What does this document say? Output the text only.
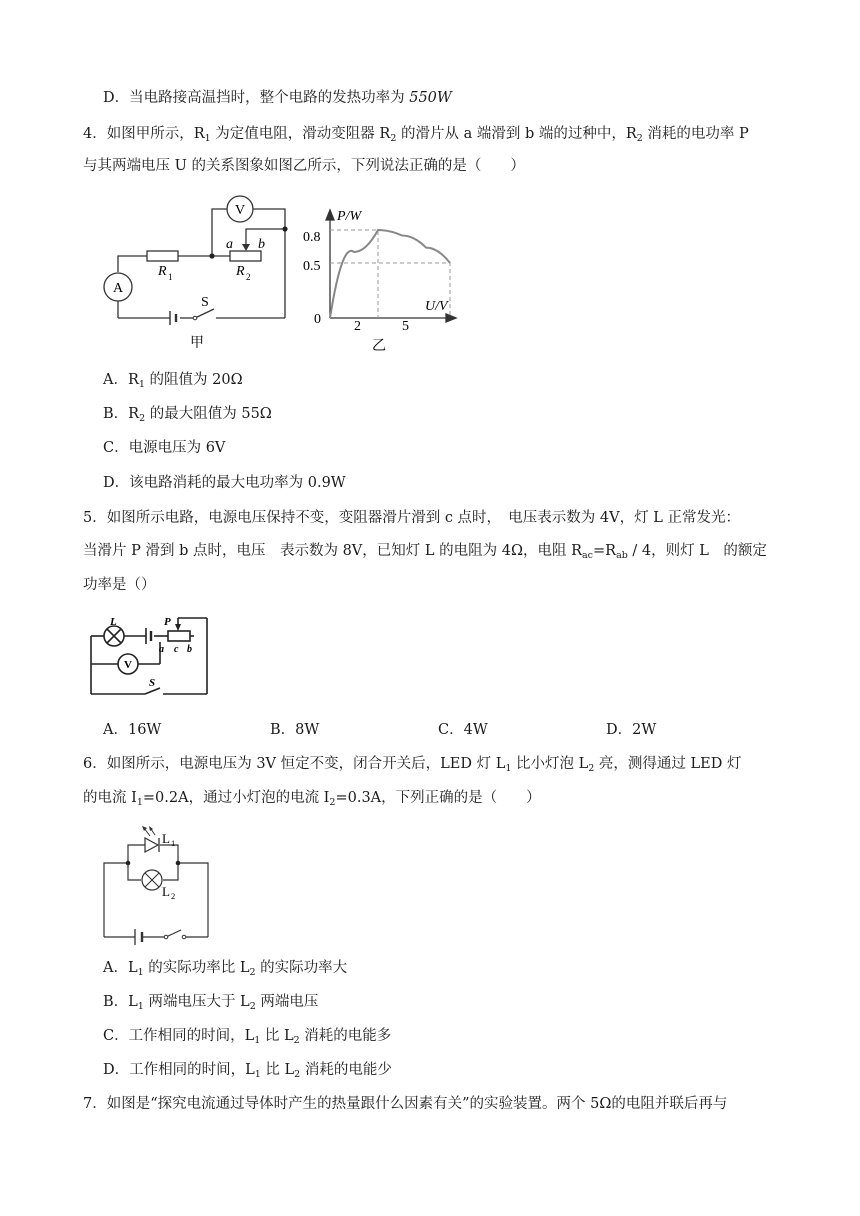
D．当电路接高温挡时，整个电路的发热功率为 550W
4．如图甲所示，$R_1$ 为定值电阻，滑动变阻器 $R_2$ 的滑片从 a 端滑到 b 端的过种中，$R_2$ 消耗的电功率 P
与其两端电压 U 的关系图象如图乙所示，下列说法正确的是（　　）
V
A
R 1	R 2
a b
S
甲
P/W
U/V
0
0.8
0.5
2	5
乙
A．$R_1$ 的阻值为 20Ω
B．$R_2$ 的最大阻值为 55Ω
C．电源电压为 6V
D．该电路消耗的最大电功率为 0.9W
5．如图所示电路，电源电压保持不变，变阻器滑片滑到 c 点时，　电压表示数为 4V，灯 L 正常发光：
当滑片 P 滑到 b 点时，电压　表示数为 8V，已知灯 L 的电阻为 4Ω，电阻 $R_{ac}=R_{ab} / 4$，则灯 L　的额定
功率是（）
V
L	P
a c b
S
A．16W	B．8W	C．4W	D．2W
6．如图所示，电源电压为 3V 恒定不变，闭合开关后，LED 灯 $L_1$ 比小灯泡 $L_2$ 亮，测得通过 LED 灯
的电流 $I_1=0.2A$，通过小灯泡的电流 $I_2=0.3A$，下列正确的是（　　）
L 1
L 2
A．$L_1$ 的实际功率比 $L_2$ 的实际功率大
B．$L_1$ 两端电压大于 $L_2$ 两端电压
C．工作相同的时间，$L_1$ 比 $L_2$ 消耗的电能多
D．工作相同的时间，$L_1$ 比 $L_2$ 消耗的电能少
7．如图是“探究电流通过导体时产生的热量跟什么因素有关”的实验装置。两个 5Ω的电阻并联后再与
